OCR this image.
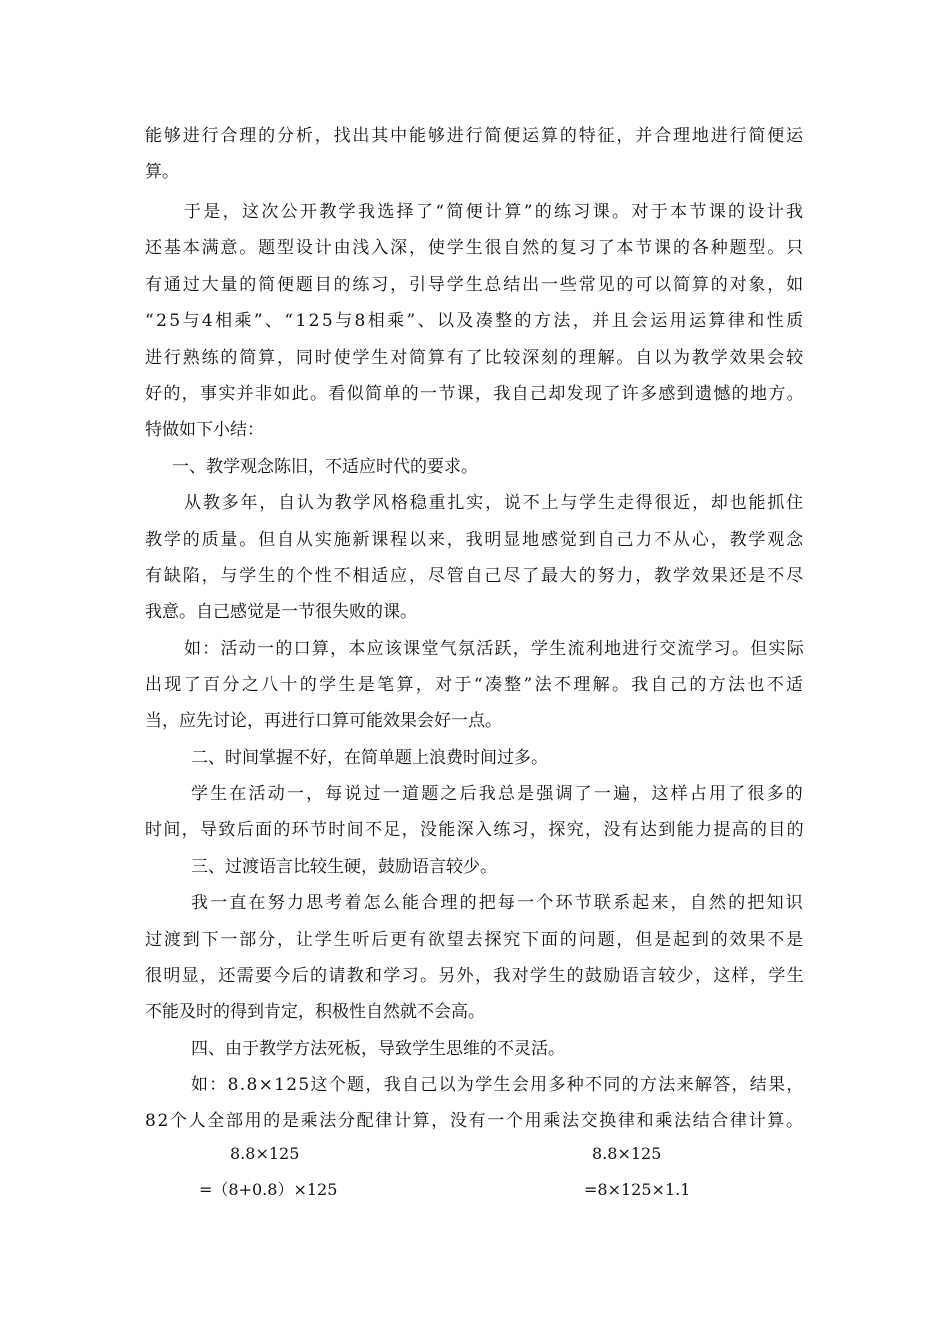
能够进行合理的分析，找出其中能够进行简便运算的特征，并合理地进行简便运
算。
于是，这次公开教学我选择了“简便计算”的练习课。对于本节课的设计我
还基本满意。题型设计由浅入深，使学生很自然的复习了本节课的各种题型。只
有通过大量的简便题目的练习，引导学生总结出一些常见的可以简算的对象，如
“25与4相乘”、“125与8相乘”、以及凑整的方法，并且会运用运算律和性质
进行熟练的简算，同时使学生对简算有了比较深刻的理解。自以为教学效果会较
好的，事实并非如此。看似简单的一节课，我自己却发现了许多感到遗憾的地方。
特做如下小结：
一、教学观念陈旧，不适应时代的要求。
从教多年，自认为教学风格稳重扎实，说不上与学生走得很近，却也能抓住
教学的质量。但自从实施新课程以来，我明显地感觉到自己力不从心，教学观念
有缺陷，与学生的个性不相适应，尽管自己尽了最大的努力，教学效果还是不尽
我意。自己感觉是一节很失败的课。
如：活动一的口算，本应该课堂气氛活跃，学生流利地进行交流学习。但实际
出现了百分之八十的学生是笔算，对于“凑整”法不理解。我自己的方法也不适
当，应先讨论，再进行口算可能效果会好一点。
二、时间掌握不好，在简单题上浪费时间过多。
学生在活动一，每说过一道题之后我总是强调了一遍，这样占用了很多的
时间，导致后面的环节时间不足，没能深入练习，探究，没有达到能力提高的目的
三、过渡语言比较生硬，鼓励语言较少。
我一直在努力思考着怎么能合理的把每一个环节联系起来，自然的把知识
过渡到下一部分，让学生听后更有欲望去探究下面的问题，但是起到的效果不是
很明显，还需要今后的请教和学习。另外，我对学生的鼓励语言较少，这样，学生
不能及时的得到肯定，积极性自然就不会高。
四、由于教学方法死板，导致学生思维的不灵活。
如：8.8×125这个题，我自己以为学生会用多种不同的方法来解答，结果，
82个人全部用的是乘法分配律计算，没有一个用乘法交换律和乘法结合律计算。
8.8×125
=（8+0.8）×125
8.8×125
=8×125×1.1
